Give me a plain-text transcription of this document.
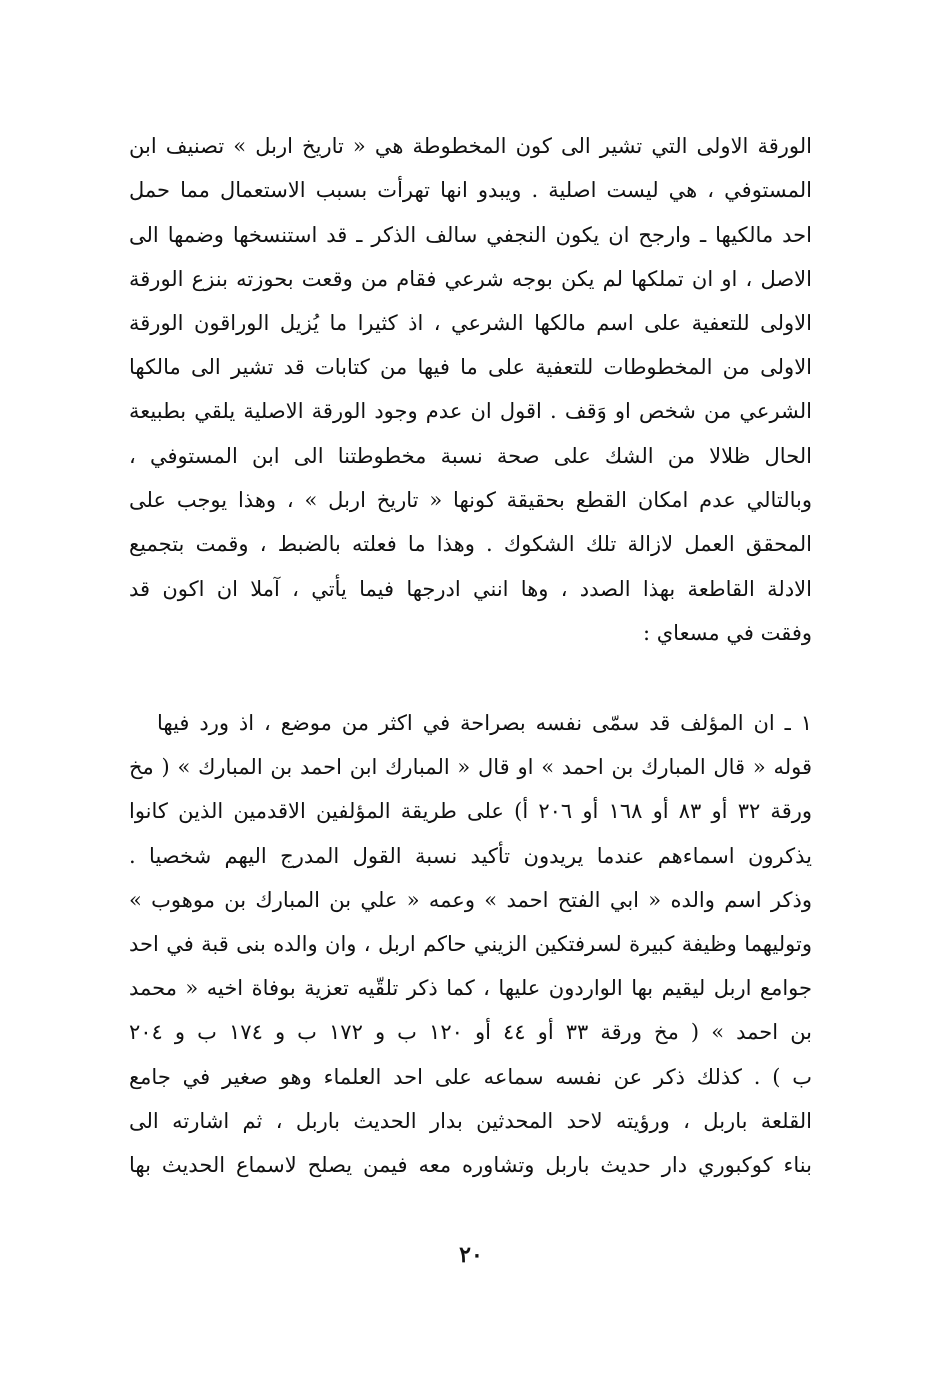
الورقة الاولى التي تشير الى كون المخطوطة هي « تاريخ اربل » تصنيف ابن
المستوفي ، هي ليست اصلية . ويبدو انها تهرأت بسبب الاستعمال مما حمل
احد مالكيها ـ وارجح ان يكون النجفي سالف الذكر ـ قد استنسخها وضمها الى
الاصل ، او ان تملكها لم يكن بوجه شرعي فقام من وقعت بحوزته بنزع الورقة
الاولى للتعفية على اسم مالكها الشرعي ، اذ كثيرا ما يُزيل الوراقون الورقة
الاولى من المخطوطات للتعفية على ما فيها من كتابات قد تشير الى مالكها
الشرعي من شخص او وَقف . اقول ان عدم وجود الورقة الاصلية يلقي بطبيعة
الحال ظلالا من الشك على صحة نسبة مخطوطتنا الى ابن المستوفي ،
وبالتالي عدم امكان القطع بحقيقة كونها « تاريخ اربل » ، وهذا يوجب على
المحقق العمل لازالة تلك الشكوك . وهذا ما فعلته بالضبط ، وقمت بتجميع
الادلة القاطعة بهذا الصدد ، وها انني ادرجها فيما يأتي ، آملا ان اكون قد
وفقت في مسعاي :
١ ـ ان المؤلف قد سمّى نفسه بصراحة في اكثر من موضع ، اذ ورد فيها
قوله « قال المبارك بن احمد » او قال « المبارك ابن احمد بن المبارك » ( مخ
ورقة ٣٢ أو ٨٣ أو ١٦٨ أو ٢٠٦ أ) على طريقة المؤلفين الاقدمين الذين كانوا
يذكرون اسماءهم عندما يريدون تأكيد نسبة القول المدرج اليهم شخصيا .
وذكر اسم والده « ابي الفتح احمد » وعمه « علي بن المبارك بن موهوب »
وتوليهما وظيفة كبيرة لسرفتكين الزيني حاكم اربل ، وان والده بنى قبة في احد
جوامع اربل ليقيم بها الواردون عليها ، كما ذكر تلقّيه تعزية بوفاة اخيه « محمد
بن احمد » ( مخ ورقة ٣٣ أو ٤٤ أو ١٢٠ ب و ١٧٢ ب و ١٧٤ ب و ٢٠٤
ب ) . كذلك ذكر عن نفسه سماعه على احد العلماء وهو صغير في جامع
القلعة باربل ، ورؤيته لاحد المحدثين بدار الحديث باربل ، ثم اشارته الى
بناء كوكبوري دار حديث باربل وتشاوره معه فيمن يصلح لاسماع الحديث بها
٢٠
